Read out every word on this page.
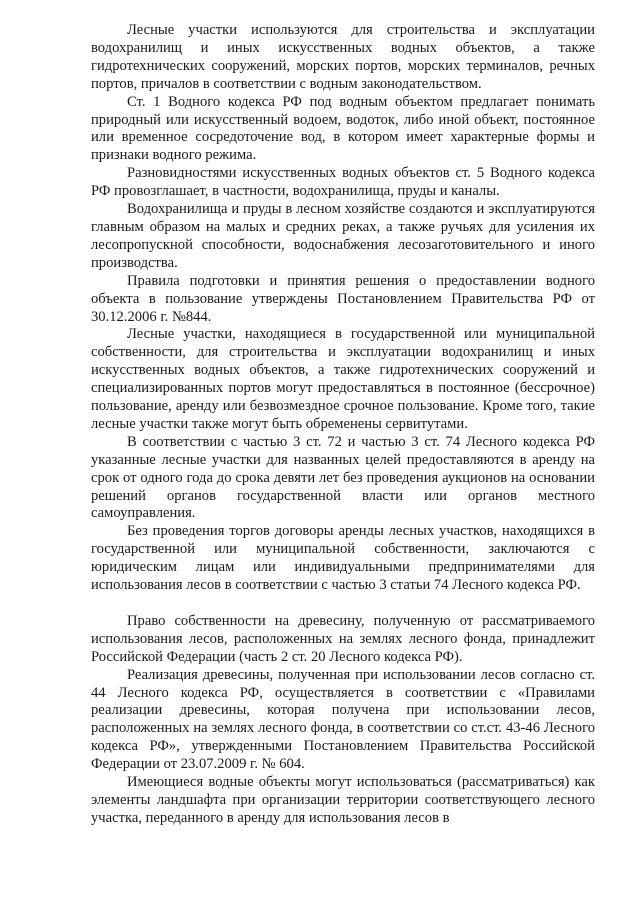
Лесные участки используются для строительства и эксплуатации водохранилищ и иных искусственных водных объектов, а также гидротехнических сооружений, морских портов, морских терминалов, речных портов, причалов в соответствии с водным законодательством.

Ст. 1 Водного кодекса РФ под водным объектом предлагает понимать природный или искусственный водоем, водоток, либо иной объект, постоянное или временное сосредоточение вод, в котором имеет характерные формы и признаки водного режима.

Разновидностями искусственных водных объектов ст. 5 Водного кодекса РФ провозглашает, в частности, водохранилища, пруды и каналы.

Водохранилища и пруды в лесном хозяйстве создаются и эксплуатируются главным образом на малых и средних реках, а также ручьях для усиления их лесопропускной способности, водоснабжения лесозаготовительного и иного производства.

Правила подготовки и принятия решения о предоставлении водного объекта в пользование утверждены Постановлением Правительства РФ от 30.12.2006 г. №844.

Лесные участки, находящиеся в государственной или муниципальной собственности, для строительства и эксплуатации водохранилищ и иных искусственных водных объектов, а также гидротехнических сооружений и специализированных портов могут предоставляться в постоянное (бессрочное) пользование, аренду или безвозмездное срочное пользование. Кроме того, такие лесные участки также могут быть обременены сервитутами.

В соответствии с частью 3 ст. 72 и частью 3 ст. 74 Лесного кодекса РФ указанные лесные участки для названных целей предоставляются в аренду на срок от одного года до срока девяти лет без проведения аукционов на основании решений органов государственной власти или органов местного самоуправления.

Без проведения торгов договоры аренды лесных участков, находящихся в государственной или муниципальной собственности, заключаются с юридическим лицам или индивидуальными предпринимателями для использования лесов в соответствии с частью 3 статьи 74 Лесного кодекса РФ.

Право собственности на древесину, полученную от рассматриваемого использования лесов, расположенных на землях лесного фонда, принадлежит Российской Федерации (часть 2 ст. 20 Лесного кодекса РФ).

Реализация древесины, полученная при использовании лесов согласно ст. 44 Лесного кодекса РФ, осуществляется в соответствии с «Правилами реализации древесины, которая получена при использовании лесов, расположенных на землях лесного фонда, в соответствии со ст.ст. 43-46 Лесного кодекса РФ», утвержденными Постановлением Правительства Российской Федерации от 23.07.2009 г. № 604.

Имеющиеся водные объекты могут использоваться (рассматриваться) как элементы ландшафта при организации территории соответствующего лесного участка, переданного в аренду для использования лесов в
